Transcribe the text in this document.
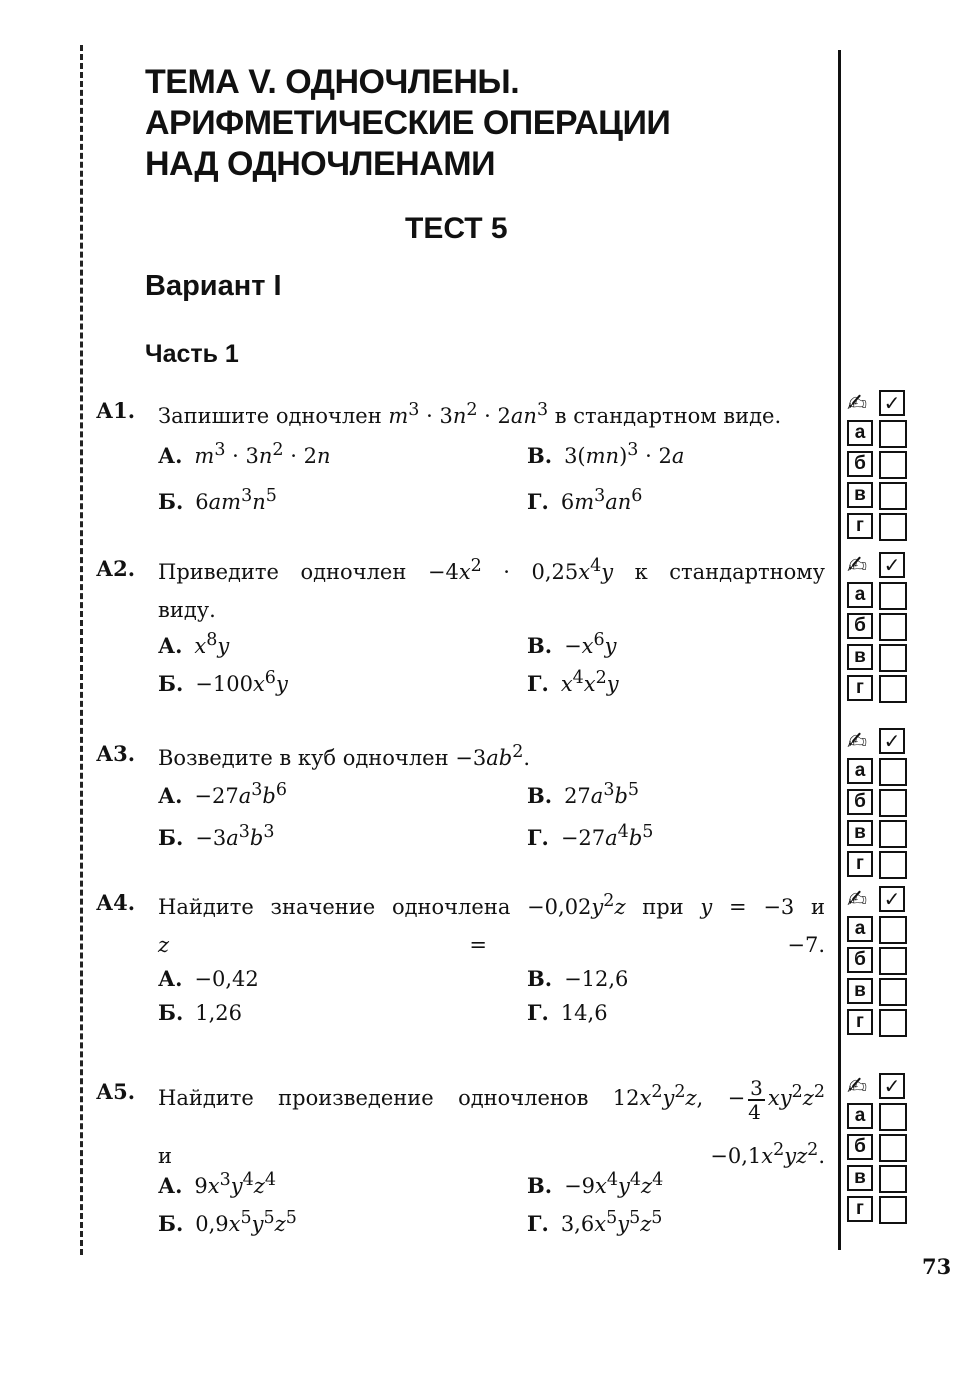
ТЕМА V. ОДНОЧЛЕНЫ.
АРИФМЕТИЧЕСКИЕ ОПЕРАЦИИ
НАД ОДНОЧЛЕНАМИ
ТЕСТ 5
Вариант I
Часть 1
А1. Запишите одночлен $m^3 \cdot 3n^2 \cdot 2an^3$ в стандартном виде.
А. $m^3 \cdot 3n^2 \cdot 2n$	В. 3(mn)$^3$ · 2a
Б. $6am^3n^5$	Г. $6m^3an^6$
А2. Приведите одночлен $-4x^2 \cdot 0,25x^4y$ к стандартному
виду.
А. $x^8y$	В. $-x^6y$
Б. $-100x^6y$	Г. $x^4x^2y$
А3. Возведите в куб одночлен $-3ab^2$.
А. $-27a^3b^6$	В. $27a^3b^5$
Б. $-3a^3b^3$	Г. $-27a^4b^5$
А4. Найдите значение одночлена $-0,02y^2z$ при y = −3 и
z = −7.
А. −0,42	В. −12,6
Б. 1,26	Г. 14,6
А5. Найдите произведение одночленов $12x^2y^2z$, − $\frac{3}{4} xy^2z^2$
$и -0,1x^2yz^2$.
А. $9x^3y^4z^4$	В. $-9x^4y^4z^4$
Б. $0,9x^5y^5z^5$	Г. $3,6x^5y^5z^5$
✍ ✓
а
б
в
г
✍ ✓
а
б
в
г
✍ ✓
а
б
в
г
✍ ✓
а
б
в
г
✍ ✓
а
б
в
г
73
